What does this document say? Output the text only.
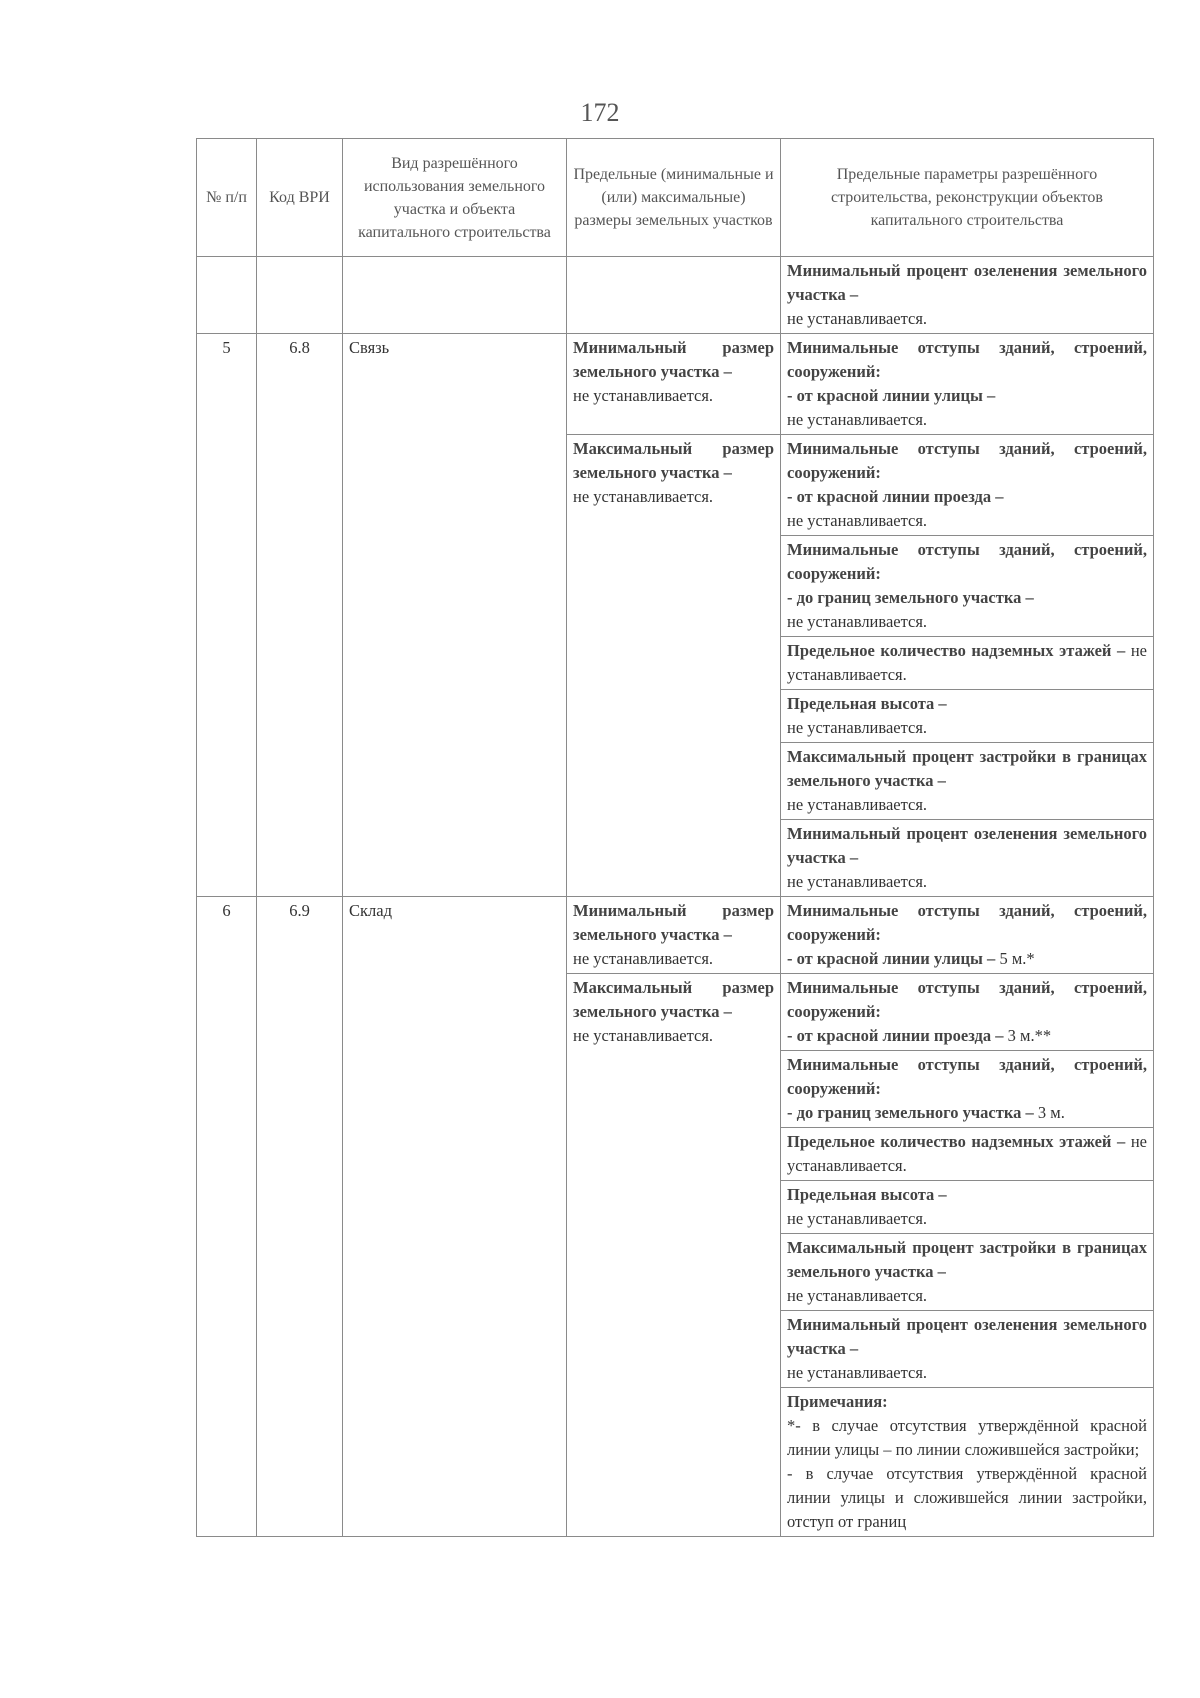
172
№ п/п	Код ВРИ	Вид разрешённого использования земельного участка и объекта капитального строительства	Предельные (минимальные и (или) максимальные) размеры земельных участков	Предельные параметры разрешённого строительства, реконструкции объектов капитального строительства
				Минимальный процент озеленения земельного участка –
не устанавливается.
5	6.8	Связь	Минимальный размер земельного участка –
не устанавливается.	Минимальные отступы зданий, строений, сооружений:
- от красной линии улицы –
не устанавливается.
			Максимальный размер земельного участка –
не устанавливается.	Минимальные отступы зданий, строений, сооружений:
- от красной линии проезда –
не устанавливается.
				Минимальные отступы зданий, строений, сооружений:
- до границ земельного участка –
не устанавливается.
				Предельное количество надземных этажей – не устанавливается.
				Предельная высота –
не устанавливается.
				Максимальный процент застройки в границах земельного участка –
не устанавливается.
				Минимальный процент озеленения земельного участка –
не устанавливается.
6	6.9	Склад	Минимальный размер земельного участка –
не устанавливается.	Минимальные отступы зданий, строений, сооружений:
- от красной линии улицы – 5 м.*
			Максимальный размер земельного участка –
не устанавливается.	Минимальные отступы зданий, строений, сооружений:
- от красной линии проезда – 3 м.**
				Минимальные отступы зданий, строений, сооружений:
- до границ земельного участка – 3 м.
				Предельное количество надземных этажей – не устанавливается.
				Предельная высота –
не устанавливается.
				Максимальный процент застройки в границах земельного участка –
не устанавливается.
				Минимальный процент озеленения земельного участка –
не устанавливается.
				Примечания:
*- в случае отсутствия утверждённой красной линии улицы – по линии сложившейся застройки;
- в случае отсутствия утверждённой красной линии улицы и сложившейся линии застройки, отступ от границ
